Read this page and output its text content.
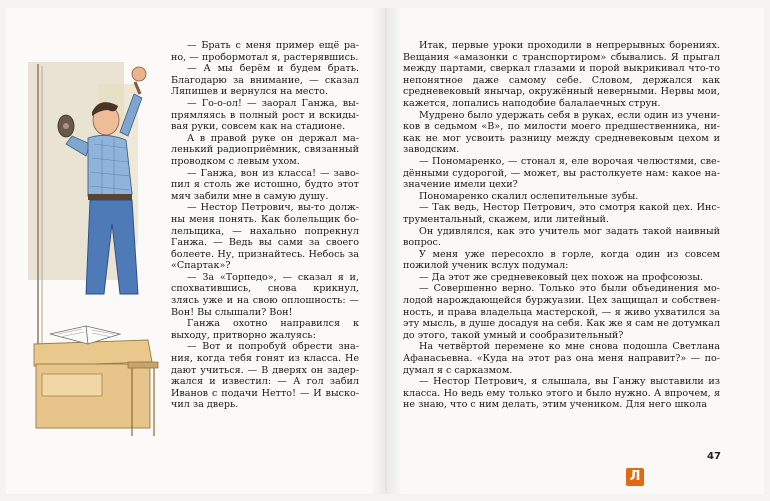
— Брать с меня пример ещё рано, — пробормотал я, растерявшись.

— А мы берём и будем брать. Благодарю за внимание, — сказал Ляпишев и вернулся на место.

— Го-о-ол! — заорал Ганжа, выпрямляясь в полный рост и вскидывая руки, совсем как на стадионе.

А в правой руке он держал маленький радиоприёмник, связанный проводком с левым ухом.

— Ганжа, вон из класса! — завопил я столь же истошно, будто этот мяч забили мне в самую душу.

— Нестор Петрович, вы-то должны меня понять. Как болельщик болельщика, — нахально попрекнул Ганжа. — Ведь вы сами за своего болеете. Ну, признайтесь. Небось за «Спартак»?

— За «Торпедо», — сказал я и, спохватившись, снова крикнул, злясь уже и на свою оплошность: — Вон! Вы слышали? Вон!

Ганжа охотно направился к выходу, притворно жалуясь:

— Вот и попробуй обрести знания, когда тебя гонят из класса. Не дают учиться. — В дверях он задержался и известил: — А гол забил Иванов с подачи Нетто! — И выскочил за дверь.

Итак, первые уроки проходили в непрерывных борениях. Вещания «амазонки с транспортиром» сбывались. Я прыгал между партами, сверкал глазами и порой выкрикивал что-то непонятное даже самому себе. Словом, держался как средневековый янычар, окружённый неверными. Нервы мои, кажется, лопались наподобие балалаечных струн.

Мудрено было удержать себя в руках, если один из учеников в седьмом «В», по милости моего предшественника, никак не мог усвоить разницу между средневековым цехом и заводским.

— Пономаренко, — стонал я, еле ворочая челюстями, сведёнными судорогой, — может, вы растолкуете нам: какое назначение имели цехи?

Пономаренко скалил ослепительные зубы.

— Так ведь, Нестор Петрович, это смотря какой цех. Инструментальный, скажем, или литейный.

Он удивлялся, как это учитель мог задать такой наивный вопрос.

У меня уже пересохло в горле, когда один из совсем пожилой ученик вслух подумал:

— Да этот же средневековый цех похож на профсоюзы.

— Совершенно верно. Только это были объединения молодой нарождающейся буржуазии. Цех защищал и собственность, и права владельца мастерской, — я живо ухватился за эту мысль, в душе досадуя на себя. Как же я сам не дотумкал до этого, такой умный и сообразительный?

На четвёртой перемене ко мне снова подошла Светлана Афанасьевна. «Куда на этот раз она меня направит?» — подумал я с сарказмом.

— Нестор Петрович, я слышала, вы Ганжу выставили из класса. Но ведь ему только этого и было нужно. А впрочем, я не знаю, что с ним делать, этим учеником. Для него школа

47
Л
